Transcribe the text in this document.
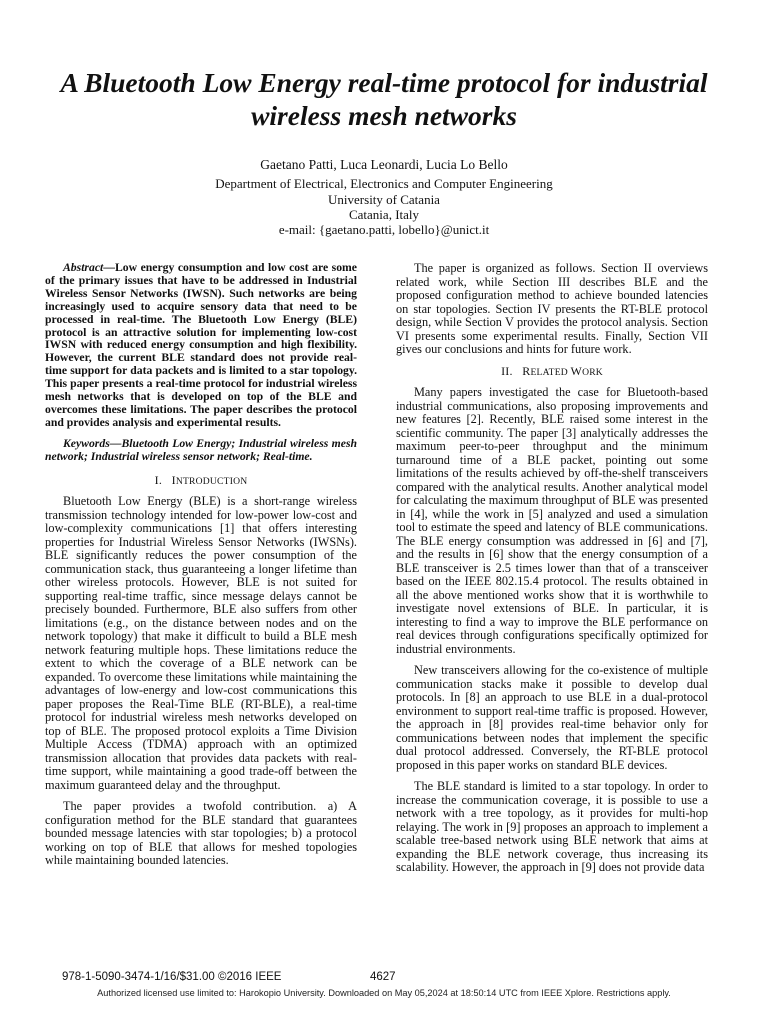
A Bluetooth Low Energy real-time protocol for industrial wireless mesh networks
Gaetano Patti, Luca Leonardi, Lucia Lo Bello
Department of Electrical, Electronics and Computer Engineering
University of Catania
Catania, Italy
e-mail: {gaetano.patti, lobello}@unict.it

Abstract—Low energy consumption and low cost are some of the primary issues that have to be addressed in Industrial Wireless Sensor Networks (IWSN). Such networks are being increasingly used to acquire sensory data that need to be processed in real-time. The Bluetooth Low Energy (BLE) protocol is an attractive solution for implementing low-cost IWSN with reduced energy consumption and high flexibility. However, the current BLE standard does not provide real-time support for data packets and is limited to a star topology. This paper presents a real-time protocol for industrial wireless mesh networks that is developed on top of the BLE and overcomes these limitations. The paper describes the protocol and provides analysis and experimental results.

Keywords—Bluetooth Low Energy; Industrial wireless mesh network; Industrial wireless sensor network; Real-time.

I. INTRODUCTION

Bluetooth Low Energy (BLE) is a short-range wireless transmission technology intended for low-power low-cost and low-complexity communications [1] that offers interesting properties for Industrial Wireless Sensor Networks (IWSNs). BLE significantly reduces the power consumption of the communication stack, thus guaranteeing a longer lifetime than other wireless protocols. However, BLE is not suited for supporting real-time traffic, since message delays cannot be precisely bounded. Furthermore, BLE also suffers from other limitations (e.g., on the distance between nodes and on the network topology) that make it difficult to build a BLE mesh network featuring multiple hops. These limitations reduce the extent to which the coverage of a BLE network can be expanded. To overcome these limitations while maintaining the advantages of low-energy and low-cost communications this paper proposes the Real-Time BLE (RT-BLE), a real-time protocol for industrial wireless mesh networks developed on top of BLE. The proposed protocol exploits a Time Division Multiple Access (TDMA) approach with an optimized transmission allocation that provides data packets with real-time support, while maintaining a good trade-off between the maximum guaranteed delay and the throughput.

The paper provides a twofold contribution. a) A configuration method for the BLE standard that guarantees bounded message latencies with star topologies; b) a protocol working on top of BLE that allows for meshed topologies while maintaining bounded latencies.

The paper is organized as follows. Section II overviews related work, while Section III describes BLE and the proposed configuration method to achieve bounded latencies on star topologies. Section IV presents the RT-BLE protocol design, while Section V provides the protocol analysis. Section VI presents some experimental results. Finally, Section VII gives our conclusions and hints for future work.

II. RELATED WORK

Many papers investigated the case for Bluetooth-based industrial communications, also proposing improvements and new features [2]. Recently, BLE raised some interest in the scientific community. The paper [3] analytically addresses the maximum peer-to-peer throughput and the minimum turnaround time of a BLE packet, pointing out some limitations of the results achieved by off-the-shelf transceivers compared with the analytical results. Another analytical model for calculating the maximum throughput of BLE was presented in [4], while the work in [5] analyzed and used a simulation tool to estimate the speed and latency of BLE communications. The BLE energy consumption was addressed in [6] and [7], and the results in [6] show that the energy consumption of a BLE transceiver is 2.5 times lower than that of a transceiver based on the IEEE 802.15.4 protocol. The results obtained in all the above mentioned works show that it is worthwhile to investigate novel extensions of BLE. In particular, it is interesting to find a way to improve the BLE performance on real devices through configurations specifically optimized for industrial environments.

New transceivers allowing for the co-existence of multiple communication stacks make it possible to develop dual protocols. In [8] an approach to use BLE in a dual-protocol environment to support real-time traffic is proposed. However, the approach in [8] provides real-time behavior only for communications between nodes that implement the specific dual protocol addressed. Conversely, the RT-BLE protocol proposed in this paper works on standard BLE devices.

The BLE standard is limited to a star topology. In order to increase the communication coverage, it is possible to use a network with a tree topology, as it provides for multi-hop relaying. The work in [9] proposes an approach to implement a scalable tree-based network using BLE network that aims at expanding the BLE network coverage, thus increasing its scalability. However, the approach in [9] does not provide data

978-1-5090-3474-1/16/$31.00 ©2016 IEEE	4627
Authorized licensed use limited to: Harokopio University. Downloaded on May 05,2024 at 18:50:14 UTC from IEEE Xplore. Restrictions apply.
